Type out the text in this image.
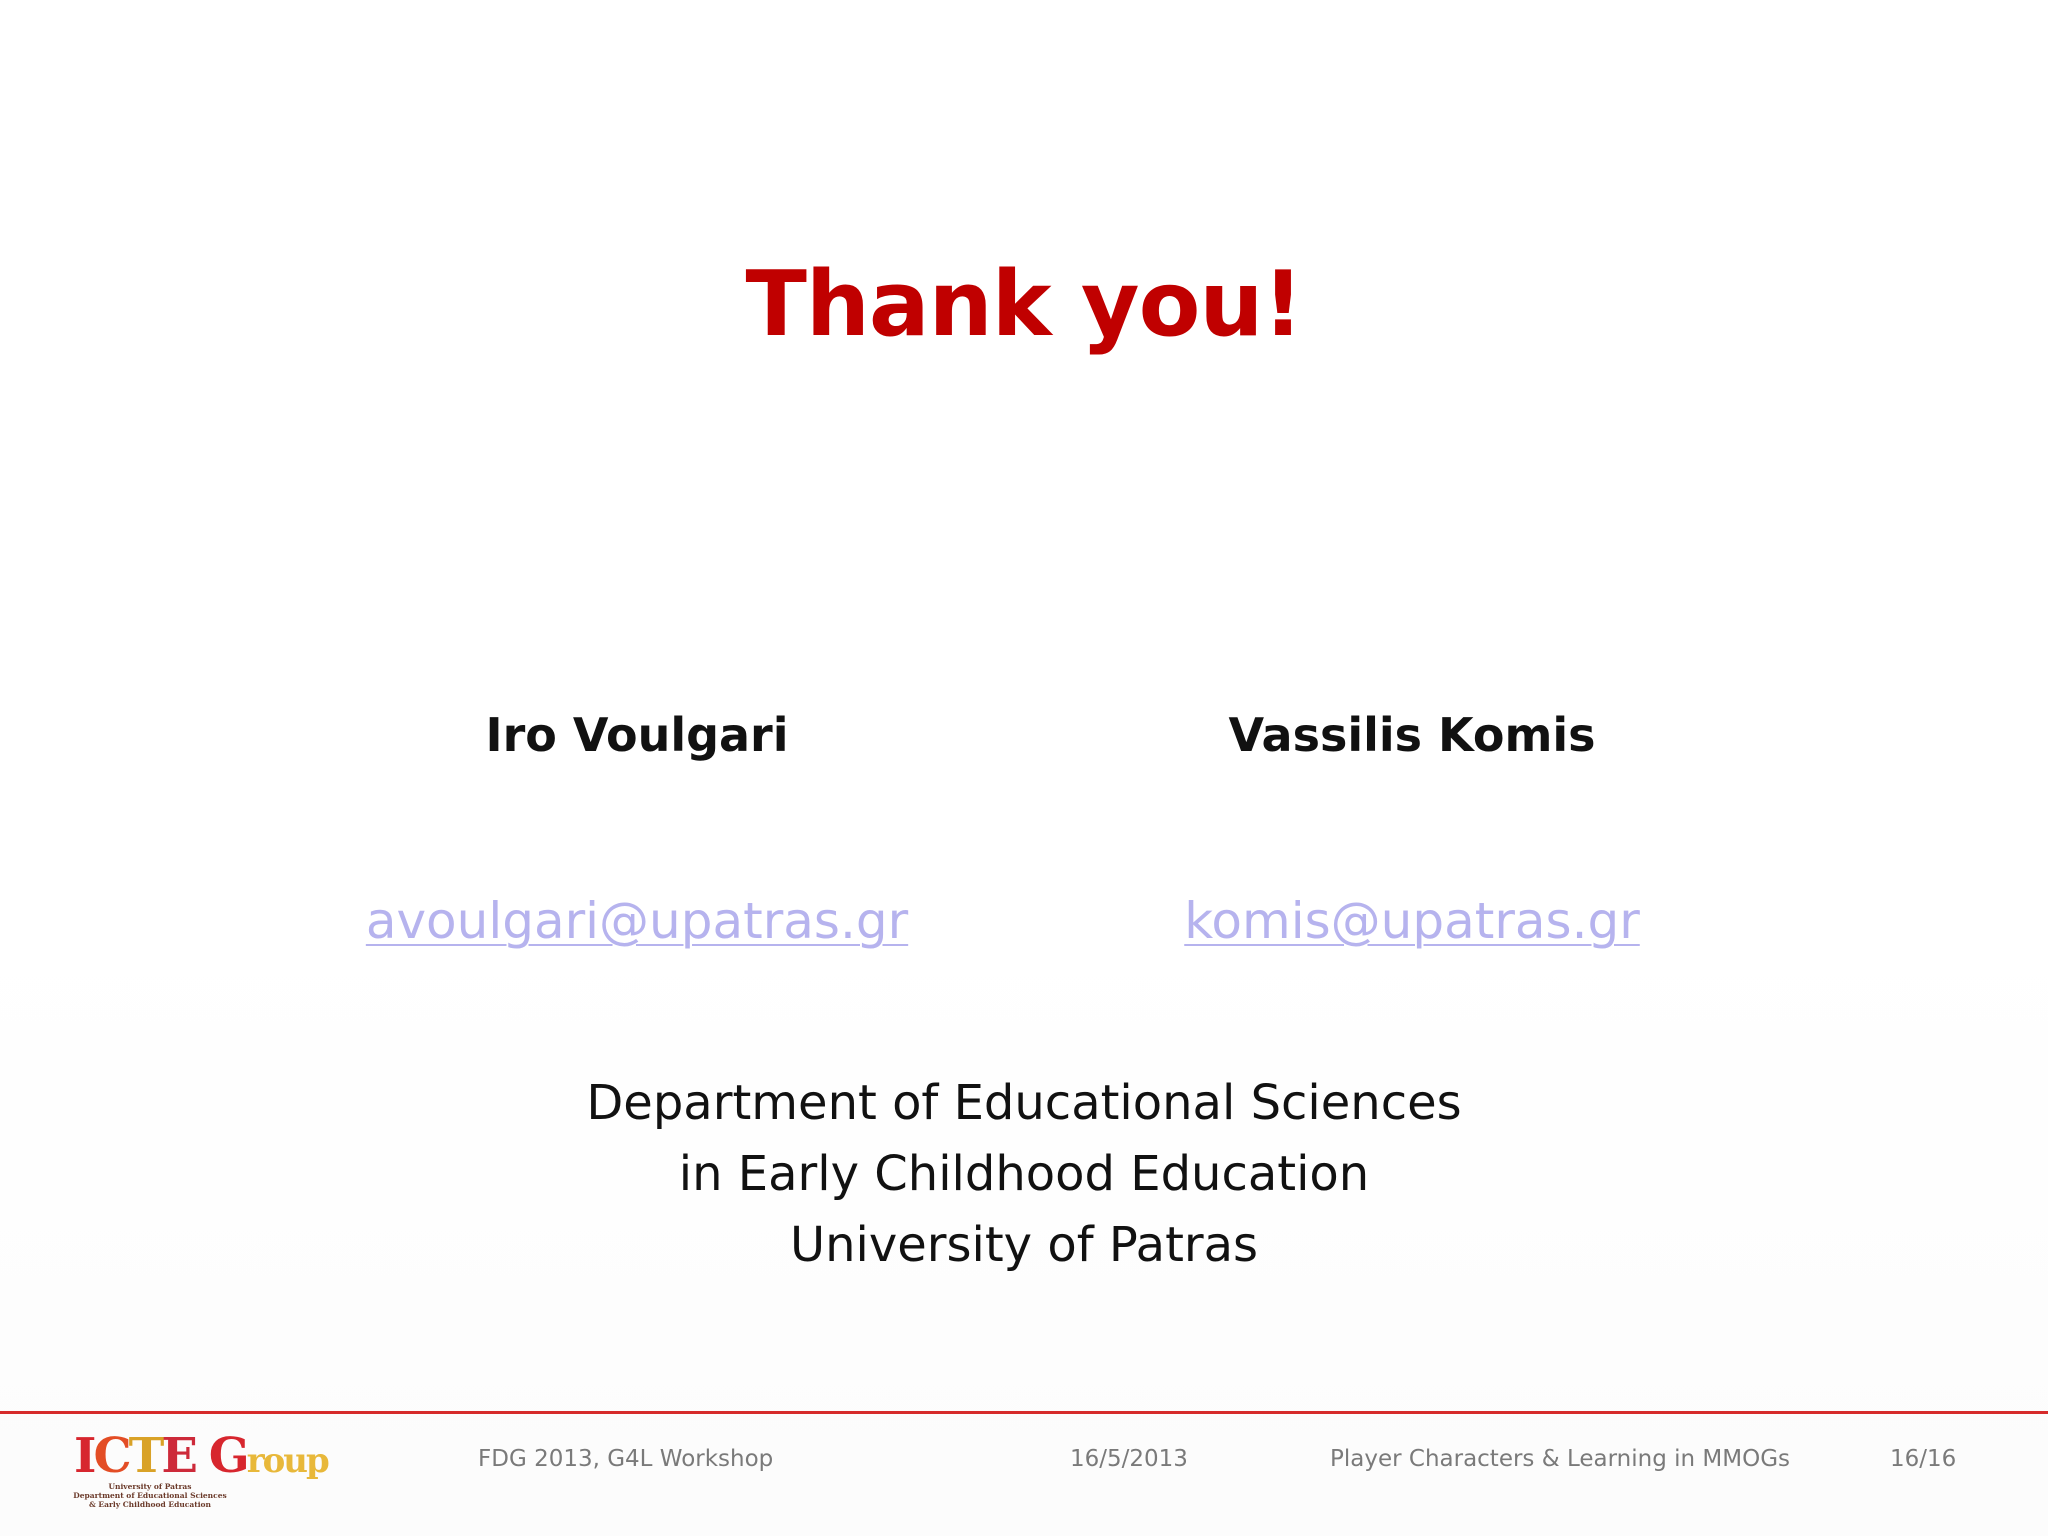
Thank you!
Iro Voulgari	Vassilis Komis
avoulgari@upatras.gr	komis@upatras.gr
Department of Educational Sciences
in Early Childhood Education
University of Patras
ICTE Group
University of Patras
Department of Educational Sciences
& Early Childhood Education
FDG 2013, G4L Workshop	16/5/2013	Player Characters & Learning in MMOGs	16/16
